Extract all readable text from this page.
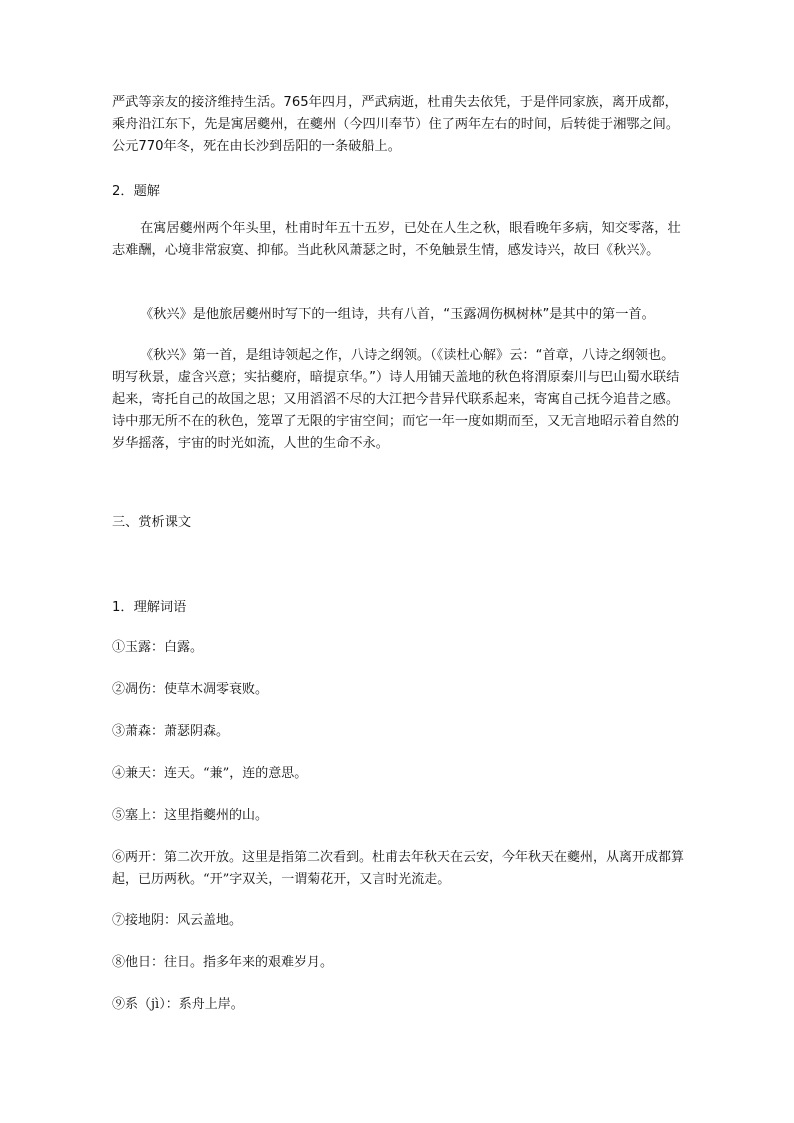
严武等亲友的接济维持生活。765年四月，严武病逝，杜甫失去依凭，于是伴同家族，离开成都，乘舟沿江东下，先是寓居夔州，在夔州（今四川奉节）住了两年左右的时间，后转徙于湘鄂之间。公元770年冬，死在由长沙到岳阳的一条破船上。

2．题解

在寓居夔州两个年头里，杜甫时年五十五岁，已处在人生之秋，眼看晚年多病，知交零落，壮志难酬，心境非常寂寞、抑郁。当此秋风萧瑟之时，不免触景生情，感发诗兴，故曰《秋兴》。

《秋兴》是他旅居夔州时写下的一组诗，共有八首，“玉露凋伤枫树林”是其中的第一首。

《秋兴》第一首，是组诗领起之作，八诗之纲领。（《读杜心解》云：“首章，八诗之纲领也。明写秋景，虚含兴意；实拈夔府，暗提京华。”）诗人用铺天盖地的秋色将渭原秦川与巴山蜀水联结起来，寄托自己的故国之思；又用滔滔不尽的大江把今昔异代联系起来，寄寓自己抚今追昔之感。诗中那无所不在的秋色，笼罩了无限的宇宙空间；而它一年一度如期而至，又无言地昭示着自然的岁华摇落，宇宙的时光如流，人世的生命不永。

三、赏析课文

1．理解词语

①玉露：白露。

②凋伤：使草木凋零衰败。

③萧森：萧瑟阴森。

④兼天：连天。“兼”，连的意思。

⑤塞上：这里指夔州的山。

⑥两开：第二次开放。这里是指第二次看到。杜甫去年秋天在云安，今年秋天在夔州，从离开成都算起，已历两秋。“开”字双关，一谓菊花开，又言时光流走。

⑦接地阴：风云盖地。

⑧他日：往日。指多年来的艰难岁月。

⑨系（jì）：系舟上岸。
